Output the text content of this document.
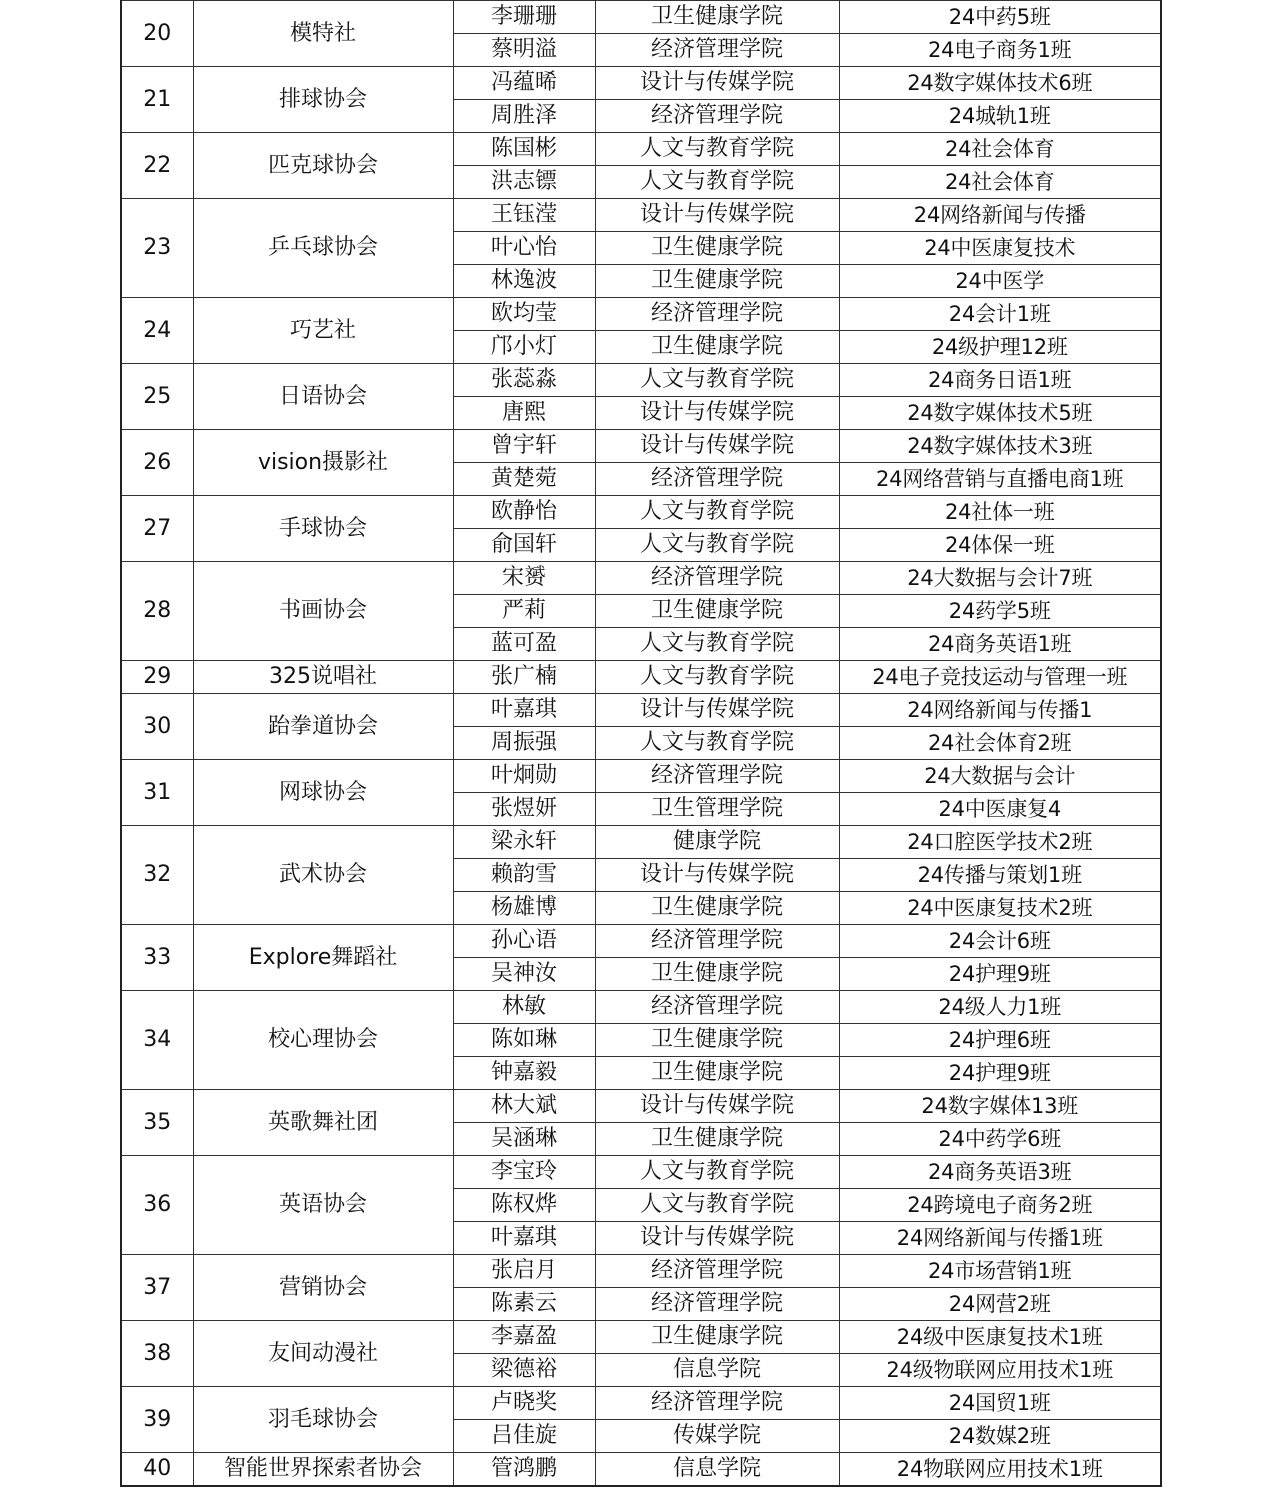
20	模特社	李珊珊	卫生健康学院	24中药5班
		蔡明溢	经济管理学院	24电子商务1班
21	排球协会	冯蕴晞	设计与传媒学院	24数字媒体技术6班
		周胜泽	经济管理学院	24城轨1班
22	匹克球协会	陈国彬	人文与教育学院	24社会体育
		洪志镖	人文与教育学院	24社会体育
23	乒乓球协会	王钰滢	设计与传媒学院	24网络新闻与传播
		叶心怡	卫生健康学院	24中医康复技术
		林逸波	卫生健康学院	24中医学
24	巧艺社	欧均莹	经济管理学院	24会计1班
		邝小灯	卫生健康学院	24级护理12班
25	日语协会	张蕊淼	人文与教育学院	24商务日语1班
		唐熙	设计与传媒学院	24数字媒体技术5班
26	vision摄影社	曾宇轩	设计与传媒学院	24数字媒体技术3班
		黄楚菀	经济管理学院	24网络营销与直播电商1班
27	手球协会	欧静怡	人文与教育学院	24社体一班
		俞国轩	人文与教育学院	24体保一班
28	书画协会	宋赟	经济管理学院	24大数据与会计7班
		严莉	卫生健康学院	24药学5班
		蓝可盈	人文与教育学院	24商务英语1班
29	325说唱社	张广楠	人文与教育学院	24电子竞技运动与管理一班
30	跆拳道协会	叶嘉琪	设计与传媒学院	24网络新闻与传播1
		周振强	人文与教育学院	24社会体育2班
31	网球协会	叶炯勋	经济管理学院	24大数据与会计
		张煜妍	卫生管理学院	24中医康复4
32	武术协会	梁永轩	健康学院	24口腔医学技术2班
		赖韵雪	设计与传媒学院	24传播与策划1班
		杨雄博	卫生健康学院	24中医康复技术2班
33	Explore舞蹈社	孙心语	经济管理学院	24会计6班
		吴神汝	卫生健康学院	24护理9班
34	校心理协会	林敏	经济管理学院	24级人力1班
		陈如琳	卫生健康学院	24护理6班
		钟嘉毅	卫生健康学院	24护理9班
35	英歌舞社团	林大斌	设计与传媒学院	24数字媒体13班
		吴涵琳	卫生健康学院	24中药学6班
36	英语协会	李宝玲	人文与教育学院	24商务英语3班
		陈权烨	人文与教育学院	24跨境电子商务2班
		叶嘉琪	设计与传媒学院	24网络新闻与传播1班
37	营销协会	张启月	经济管理学院	24市场营销1班
		陈素云	经济管理学院	24网营2班
38	友间动漫社	李嘉盈	卫生健康学院	24级中医康复技术1班
		梁德裕	信息学院	24级物联网应用技术1班
39	羽毛球协会	卢晓奖	经济管理学院	24国贸1班
		吕佳旋	传媒学院	24数媒2班
40	智能世界探索者协会	管鸿鹏	信息学院	24物联网应用技术1班
